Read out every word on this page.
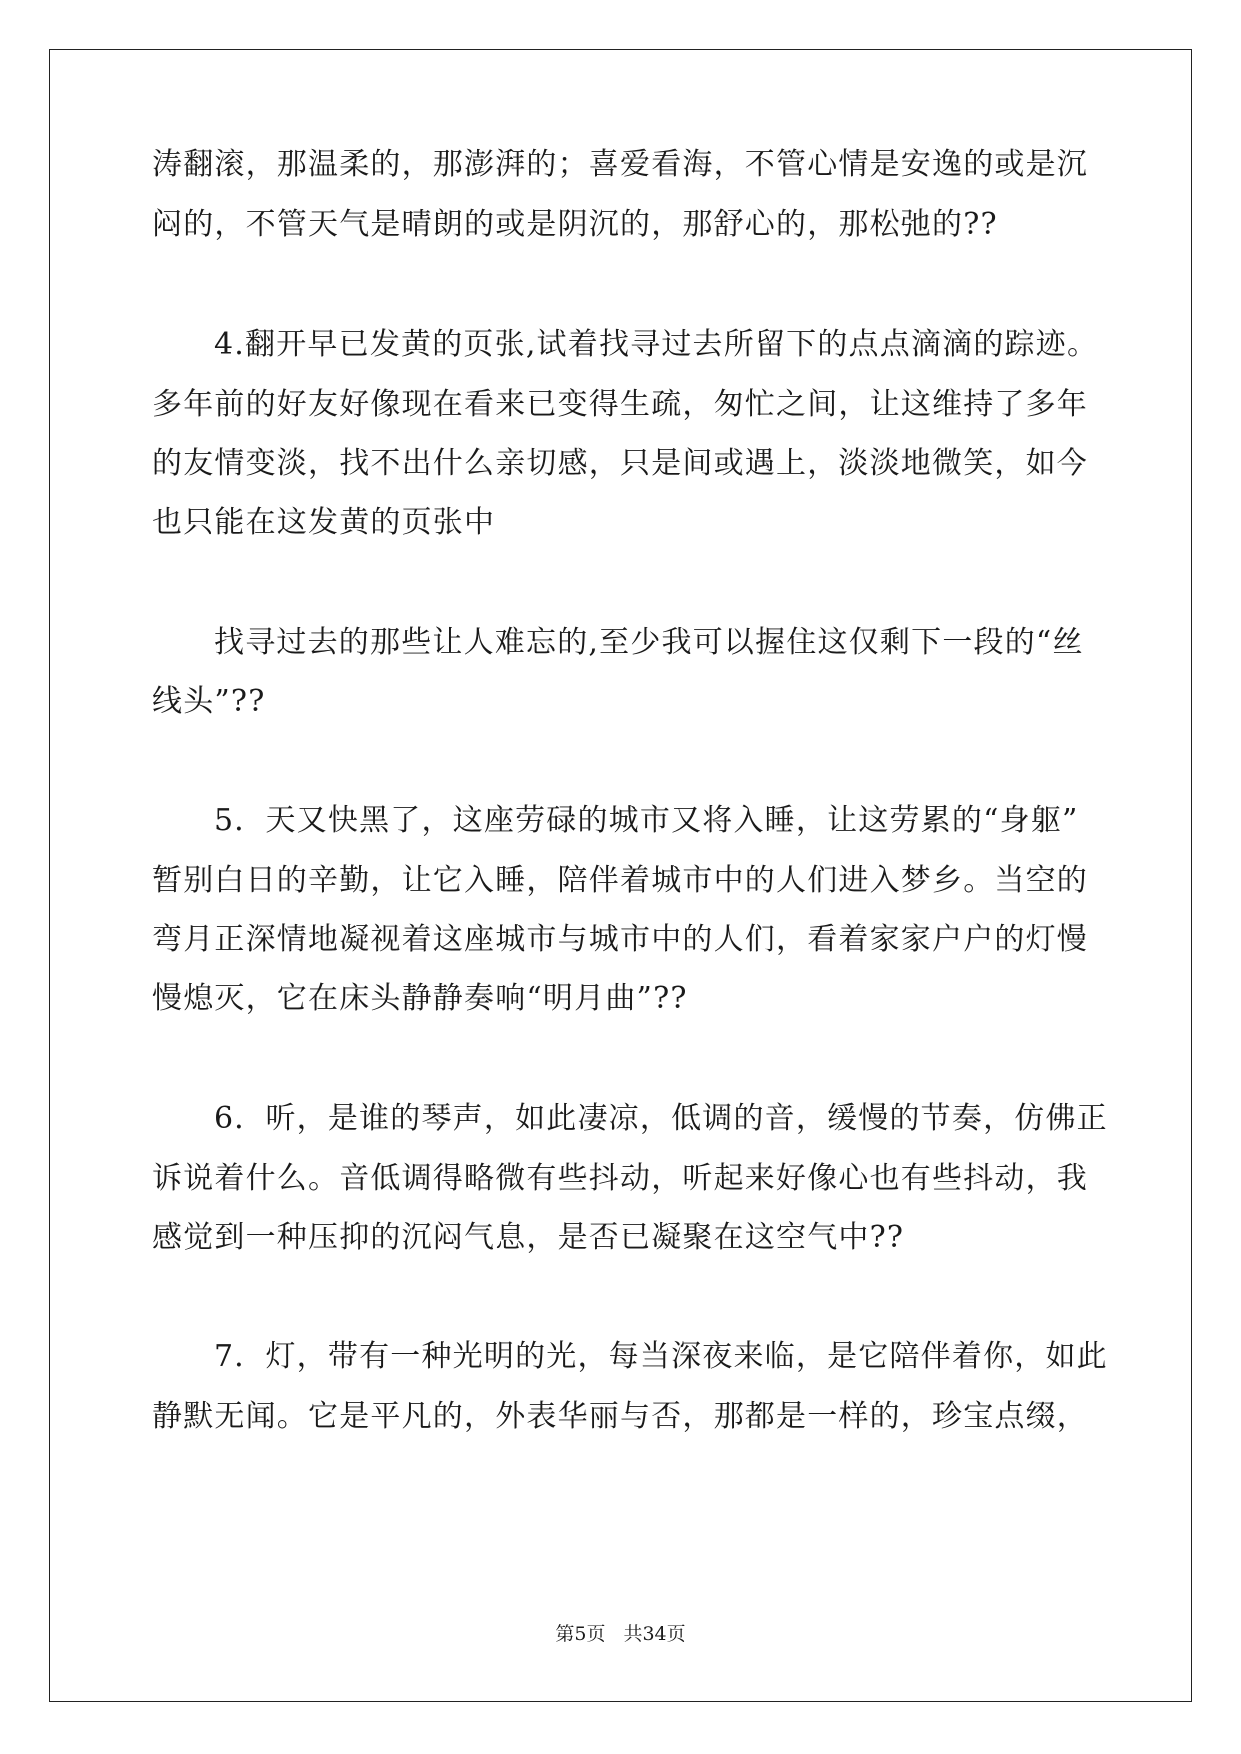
涛翻滚，那温柔的，那澎湃的；喜爱看海，不管心情是安逸的或是沉
闷的，不管天气是晴朗的或是阴沉的，那舒心的，那松弛的??
4.翻开早已发黄的页张,试着找寻过去所留下的点点滴滴的踪迹。
多年前的好友好像现在看来已变得生疏，匆忙之间，让这维持了多年
的友情变淡，找不出什么亲切感，只是间或遇上，淡淡地微笑，如今
也只能在这发黄的页张中
找寻过去的那些让人难忘的,至少我可以握住这仅剩下一段的“丝
线头”??
5．天又快黑了，这座劳碌的城市又将入睡，让这劳累的“身躯”
暂别白日的辛勤，让它入睡，陪伴着城市中的人们进入梦乡。当空的
弯月正深情地凝视着这座城市与城市中的人们，看着家家户户的灯慢
慢熄灭，它在床头静静奏响“明月曲”??
6．听，是谁的琴声，如此凄凉，低调的音，缓慢的节奏，仿佛正
诉说着什么。音低调得略微有些抖动，听起来好像心也有些抖动，我
感觉到一种压抑的沉闷气息，是否已凝聚在这空气中??
7．灯，带有一种光明的光，每当深夜来临，是它陪伴着你，如此
静默无闻。它是平凡的，外表华丽与否，那都是一样的，珍宝点缀，
第5页 共34页
